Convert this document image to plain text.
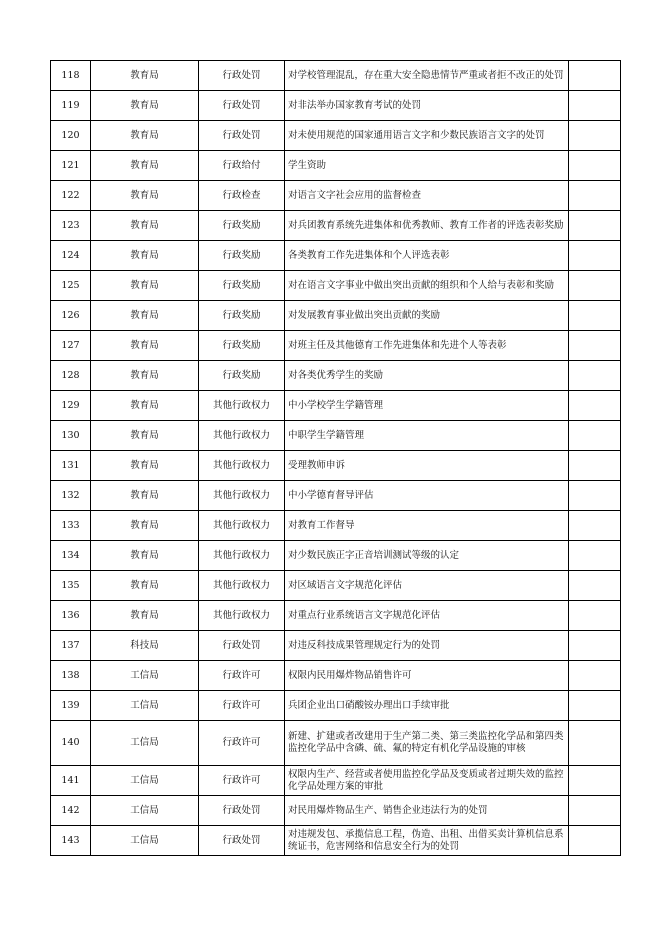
118	教育局	行政处罚	对学校管理混乱，存在重大安全隐患情节严重或者拒不改正的处罚	
119	教育局	行政处罚	对非法举办国家教育考试的处罚	
120	教育局	行政处罚	对未使用规范的国家通用语言文字和少数民族语言文字的处罚	
121	教育局	行政给付	学生资助	
122	教育局	行政检查	对语言文字社会应用的监督检查	
123	教育局	行政奖励	对兵团教育系统先进集体和优秀教师、教育工作者的评选表彰奖励	
124	教育局	行政奖励	各类教育工作先进集体和个人评选表彰	
125	教育局	行政奖励	对在语言文字事业中做出突出贡献的组织和个人给与表彰和奖励	
126	教育局	行政奖励	对发展教育事业做出突出贡献的奖励	
127	教育局	行政奖励	对班主任及其他德育工作先进集体和先进个人等表彰	
128	教育局	行政奖励	对各类优秀学生的奖励	
129	教育局	其他行政权力	中小学校学生学籍管理	
130	教育局	其他行政权力	中职学生学籍管理	
131	教育局	其他行政权力	受理教师申诉	
132	教育局	其他行政权力	中小学德育督导评估	
133	教育局	其他行政权力	对教育工作督导	
134	教育局	其他行政权力	对少数民族正字正音培训测试等级的认定	
135	教育局	其他行政权力	对区域语言文字规范化评估	
136	教育局	其他行政权力	对重点行业系统语言文字规范化评估	
137	科技局	行政处罚	对违反科技成果管理规定行为的处罚	
138	工信局	行政许可	权限内民用爆炸物品销售许可	
139	工信局	行政许可	兵团企业出口硝酸铵办理出口手续审批	
140	工信局	行政许可	新建、扩建或者改建用于生产第二类、第三类监控化学品和第四类监控化学品中含磷、硫、氟的特定有机化学品设施的审核	
141	工信局	行政许可	权限内生产、经营或者使用监控化学品及变质或者过期失效的监控化学品处理方案的审批	
142	工信局	行政处罚	对民用爆炸物品生产、销售企业违法行为的处罚	
143	工信局	行政处罚	对违规发包、承揽信息工程，伪造、出租、出借买卖计算机信息系统证书，危害网络和信息安全行为的处罚	
